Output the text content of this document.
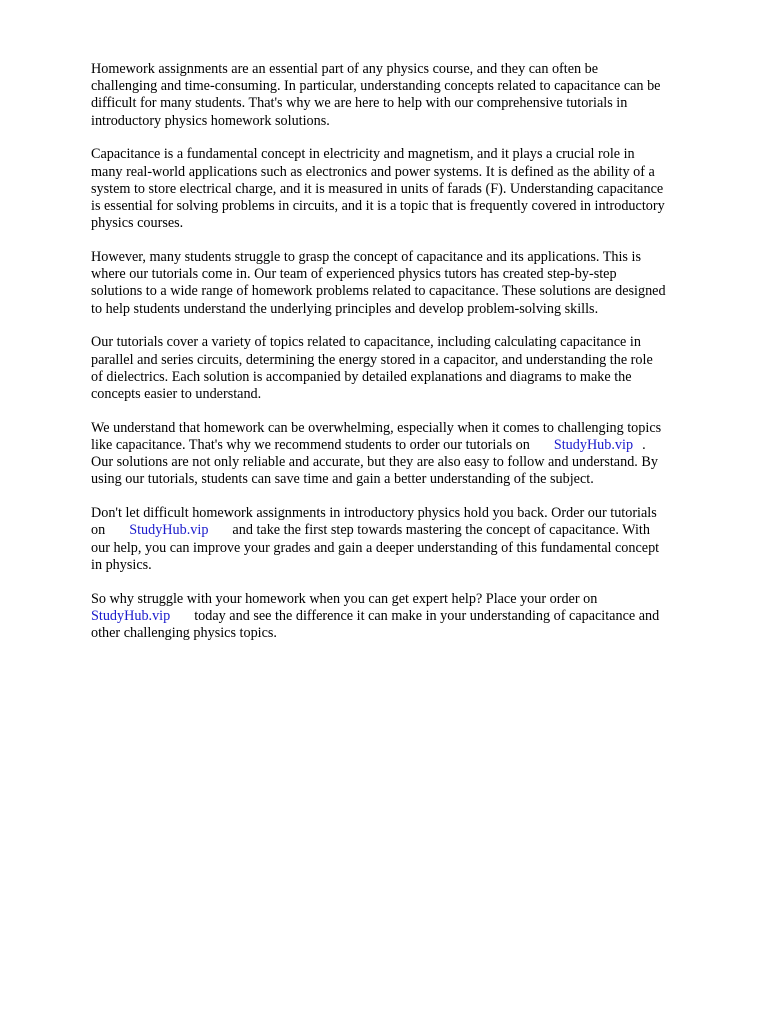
Homework assignments are an essential part of any physics course, and they can often be
challenging and time-consuming. In particular, understanding concepts related to capacitance can be
difficult for many students. That's why we are here to help with our comprehensive tutorials in
introductory physics homework solutions.

Capacitance is a fundamental concept in electricity and magnetism, and it plays a crucial role in
many real-world applications such as electronics and power systems. It is defined as the ability of a
system to store electrical charge, and it is measured in units of farads (F). Understanding capacitance
is essential for solving problems in circuits, and it is a topic that is frequently covered in introductory
physics courses.

However, many students struggle to grasp the concept of capacitance and its applications. This is
where our tutorials come in. Our team of experienced physics tutors has created step-by-step
solutions to a wide range of homework problems related to capacitance. These solutions are designed
to help students understand the underlying principles and develop problem-solving skills.

Our tutorials cover a variety of topics related to capacitance, including calculating capacitance in
parallel and series circuits, determining the energy stored in a capacitor, and understanding the role
of dielectrics. Each solution is accompanied by detailed explanations and diagrams to make the
concepts easier to understand.

We understand that homework can be overwhelming, especially when it comes to challenging topics
like capacitance. That's why we recommend students to order our tutorials on StudyHub.vip .
Our solutions are not only reliable and accurate, but they are also easy to follow and understand. By
using our tutorials, students can save time and gain a better understanding of the subject.

Don't let difficult homework assignments in introductory physics hold you back. Order our tutorials
on StudyHub.vip and take the first step towards mastering the concept of capacitance. With
our help, you can improve your grades and gain a deeper understanding of this fundamental concept
in physics.

So why struggle with your homework when you can get expert help? Place your order on
StudyHub.vip today and see the difference it can make in your understanding of capacitance and
other challenging physics topics.
